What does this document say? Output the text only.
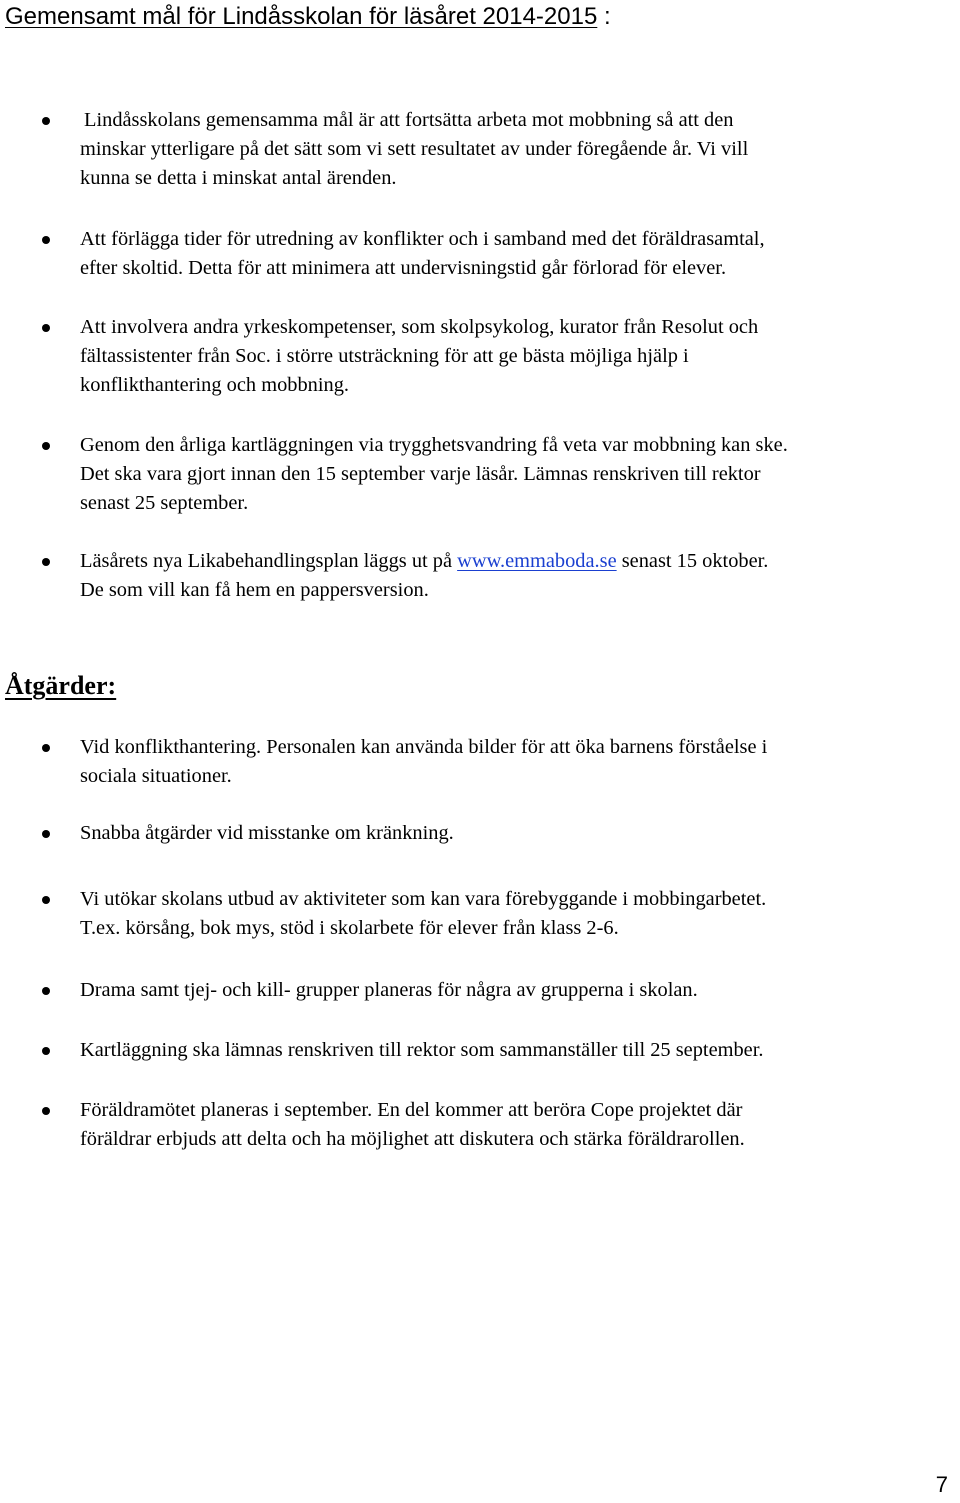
Gemensamt mål för Lindåsskolan för läsåret 2014-2015 :
Lindåsskolans gemensamma mål är att fortsätta arbeta mot mobbning så att den
minskar ytterligare på det sätt som vi sett resultatet av under föregående år. Vi vill
kunna se detta i minskat antal ärenden.
Att förlägga tider för utredning av konflikter och i samband med det föräldrasamtal,
efter skoltid. Detta för att minimera att undervisningstid går förlorad för elever.
Att involvera andra yrkeskompetenser, som skolpsykolog, kurator från Resolut och
fältassistenter från Soc. i större utsträckning för att ge bästa möjliga hjälp i
konflikthantering och mobbning.
Genom den årliga kartläggningen via trygghetsvandring få veta var mobbning kan ske.
Det ska vara gjort innan den 15 september varje läsår. Lämnas renskriven till rektor
senast 25 september.
Läsårets nya Likabehandlingsplan läggs ut på www.emmaboda.se senast 15 oktober.
De som vill kan få hem en pappersversion.
Åtgärder:
Vid konflikthantering. Personalen kan använda bilder för att öka barnens förståelse i
sociala situationer.
Snabba åtgärder vid misstanke om kränkning.
Vi utökar skolans utbud av aktiviteter som kan vara förebyggande i mobbingarbetet.
T.ex. körsång, bok mys, stöd i skolarbete för elever från klass 2-6.
Drama samt tjej- och kill- grupper planeras för några av grupperna i skolan.
Kartläggning ska lämnas renskriven till rektor som sammanställer till 25 september.
Föräldramötet planeras i september. En del kommer att beröra Cope projektet där
föräldrar erbjuds att delta och ha möjlighet att diskutera och stärka föräldrarollen.
7
